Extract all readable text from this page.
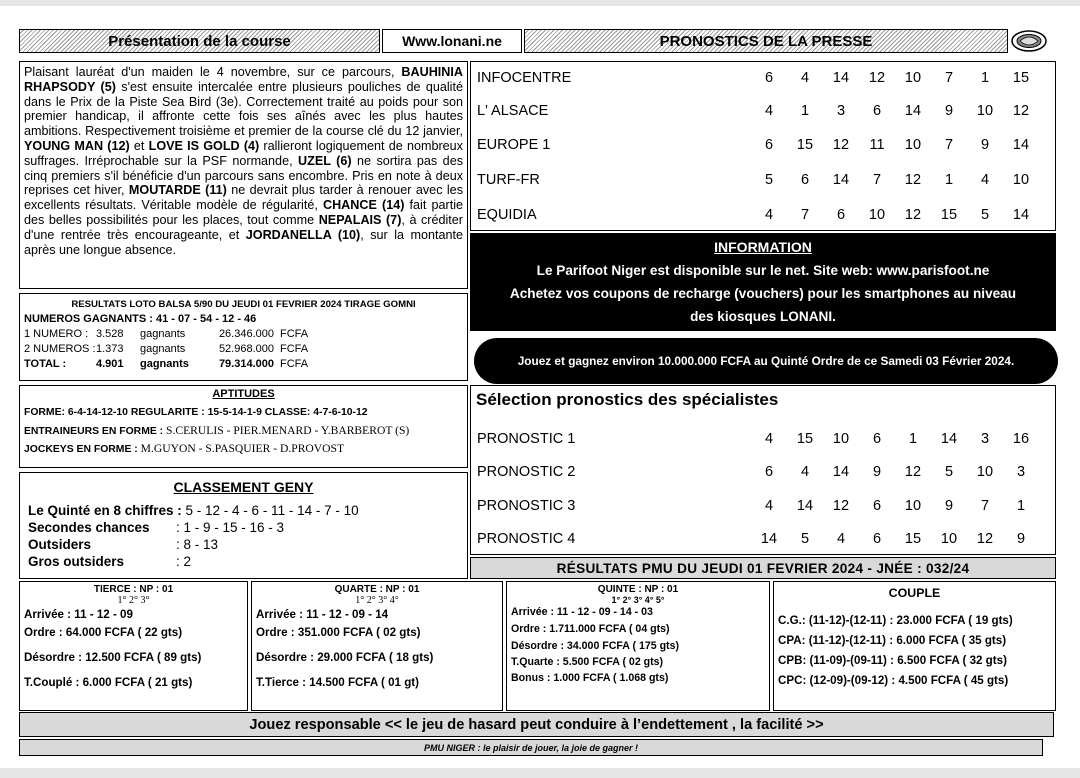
Présentation de la course	Www.lonani.ne	PRONOSTICS DE LA PRESSE
Plaisant lauréat d'un maiden le 4 novembre, sur ce parcours, BAUHINIA RHAPSODY (5) s'est ensuite intercalée entre plusieurs pouliches de qualité dans le Prix de la Piste Sea Bird (3e). Correctement traité au poids pour son premier handicap, il affronte cette fois ses aînés avec les plus hautes ambitions. Respectivement troisième et premier de la course clé du 12 janvier, YOUNG MAN (12) et LOVE IS GOLD (4) rallieront logiquement de nombreux suffrages. Irréprochable sur la PSF normande, UZEL (6) ne sortira pas des cinq premiers s'il bénéficie d'un parcours sans encombre. Pris en note à deux reprises cet hiver, MOUTARDE (11) ne devrait plus tarder à renouer avec les excellents résultats. Véritable modèle de régularité, CHANCE (14) fait partie des belles possibilités pour les places, tout comme NEPALAIS (7), à créditer d'une rentrée très encourageante, et JORDANELLA (10), sur la montante après une longue absence.
INFOCENTRE	6	4	14	12	10	7	1	15
L' ALSACE	4	1	3	6	14	9	10	12
EUROPE 1	6	15	12	11	10	7	9	14
TURF-FR	5	6	14	7	12	1	4	10
EQUIDIA	4	7	6	10	12	15	5	14
INFORMATION
Le Parifoot Niger est disponible sur le net. Site web: www.parisfoot.ne
Achetez vos coupons de recharge (vouchers) pour les smartphones au niveau
des kiosques LONANI.
Jouez et gagnez environ 10.000.000 FCFA au Quinté Ordre de ce Samedi 03 Février 2024.
RESULTATS LOTO BALSA 5/90 DU JEUDI 01 FEVRIER 2024 TIRAGE GOMNI
NUMEROS GAGNANTS : 41 - 07 - 54 - 12 - 46
1 NUMERO : 3.528	gagnants	26.346.000 FCFA
2 NUMEROS : 1.373	gagnants	52.968.000 FCFA
TOTAL :	4.901	gagnants	79.314.000 FCFA
APTITUDES
FORME: 6-4-14-12-10 REGULARITE : 15-5-14-1-9 CLASSE: 4-7-6-10-12
ENTRAINEURS EN FORME : S.CERULIS - PIER.MENARD - Y.BARBEROT (S)
JOCKEYS EN FORME : M.GUYON - S.PASQUIER - D.PROVOST
CLASSEMENT GENY
Le Quinté en 8 chiffres : 5 - 12 - 4 - 6 - 11 - 14 - 7 - 10
Secondes chances : 1 - 9 - 15 - 16 - 3
Outsiders	: 8 - 13
Gros outsiders	: 2
Sélection pronostics des spécialistes
PRONOSTIC 1	4	15	10	6	1	14	3	16
PRONOSTIC 2	6	4	14	9	12	5	10	3
PRONOSTIC 3	4	14	12	6	10	9	7	1
PRONOSTIC 4	14	5	4	6	15	10	12	9
RÉSULTATS PMU DU JEUDI 01 FEVRIER 2024 - JNÉE : 032/24
TIERCE : NP : 01
1° 2° 3°
Arrivée : 11 - 12 - 09
Ordre : 64.000 FCFA ( 22 gts)
Désordre : 12.500 FCFA ( 89 gts)
T.Couplé : 6.000 FCFA ( 21 gts)
QUARTE : NP : 01
1° 2° 3° 4°
Arrivée : 11 - 12 - 09 - 14
Ordre : 351.000 FCFA ( 02 gts)
Désordre : 29.000 FCFA ( 18 gts)
T.Tierce : 14.500 FCFA ( 01 gt)
QUINTE : NP : 01
1° 2° 3° 4° 5°
Arrivée : 11 - 12 - 09 - 14 - 03
Ordre : 1.711.000 FCFA ( 04 gts)
Désordre : 34.000 FCFA ( 175 gts)
T.Quarte : 5.500 FCFA ( 02 gts)
Bonus : 1.000 FCFA ( 1.068 gts)
COUPLE
C.G.: (11-12)-(12-11) : 23.000 FCFA ( 19 gts)
CPA: (11-12)-(12-11) : 6.000 FCFA ( 35 gts)
CPB: (11-09)-(09-11) : 6.500 FCFA ( 32 gts)
CPC: (12-09)-(09-12) : 4.500 FCFA ( 45 gts)
Jouez responsable << le jeu de hasard peut conduire à l’endettement , la facilité >>
PMU NIGER : le plaisir de jouer, la joie de gagner !
